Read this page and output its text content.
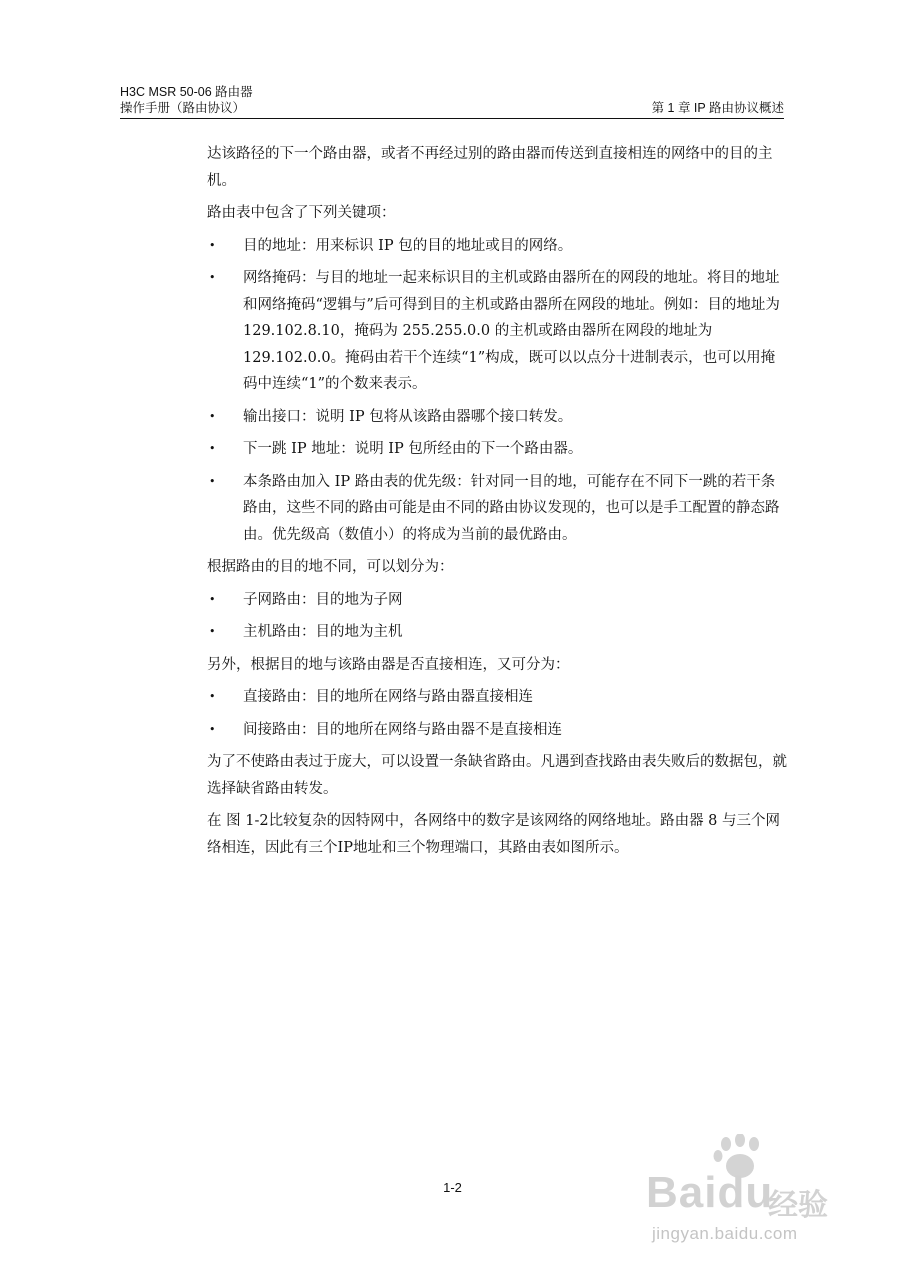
H3C MSR 50-06 路由器
操作手册（路由协议）	第 1 章 IP 路由协议概述

达该路径的下一个路由器，或者不再经过别的路由器而传送到直接相连的网络中的目的主机。

路由表中包含了下列关键项：

• 目的地址：用来标识 IP 包的目的地址或目的网络。
• 网络掩码：与目的地址一起来标识目的主机或路由器所在的网段的地址。将目的地址和网络掩码“逻辑与”后可得到目的主机或路由器所在网段的地址。例如：目的地址为 129.102.8.10，掩码为 255.255.0.0 的主机或路由器所在网段的地址为 129.102.0.0。掩码由若干个连续“1”构成，既可以以点分十进制表示，也可以用掩码中连续“1”的个数来表示。
• 输出接口：说明 IP 包将从该路由器哪个接口转发。
• 下一跳 IP 地址：说明 IP 包所经由的下一个路由器。
• 本条路由加入 IP 路由表的优先级：针对同一目的地，可能存在不同下一跳的若干条路由，这些不同的路由可能是由不同的路由协议发现的，也可以是手工配置的静态路由。优先级高（数值小）的将成为当前的最优路由。

根据路由的目的地不同，可以划分为：

• 子网路由：目的地为子网
• 主机路由：目的地为主机

另外，根据目的地与该路由器是否直接相连，又可分为：

• 直接路由：目的地所在网络与路由器直接相连
• 间接路由：目的地所在网络与路由器不是直接相连

为了不使路由表过于庞大，可以设置一条缺省路由。凡遇到查找路由表失败后的数据包，就选择缺省路由转发。

在 图 1-2比较复杂的因特网中，各网络中的数字是该网络的网络地址。路由器 8 与三个网络相连，因此有三个IP地址和三个物理端口，其路由表如图所示。

1-2	Baidu
经验
jingyan.baidu.com
